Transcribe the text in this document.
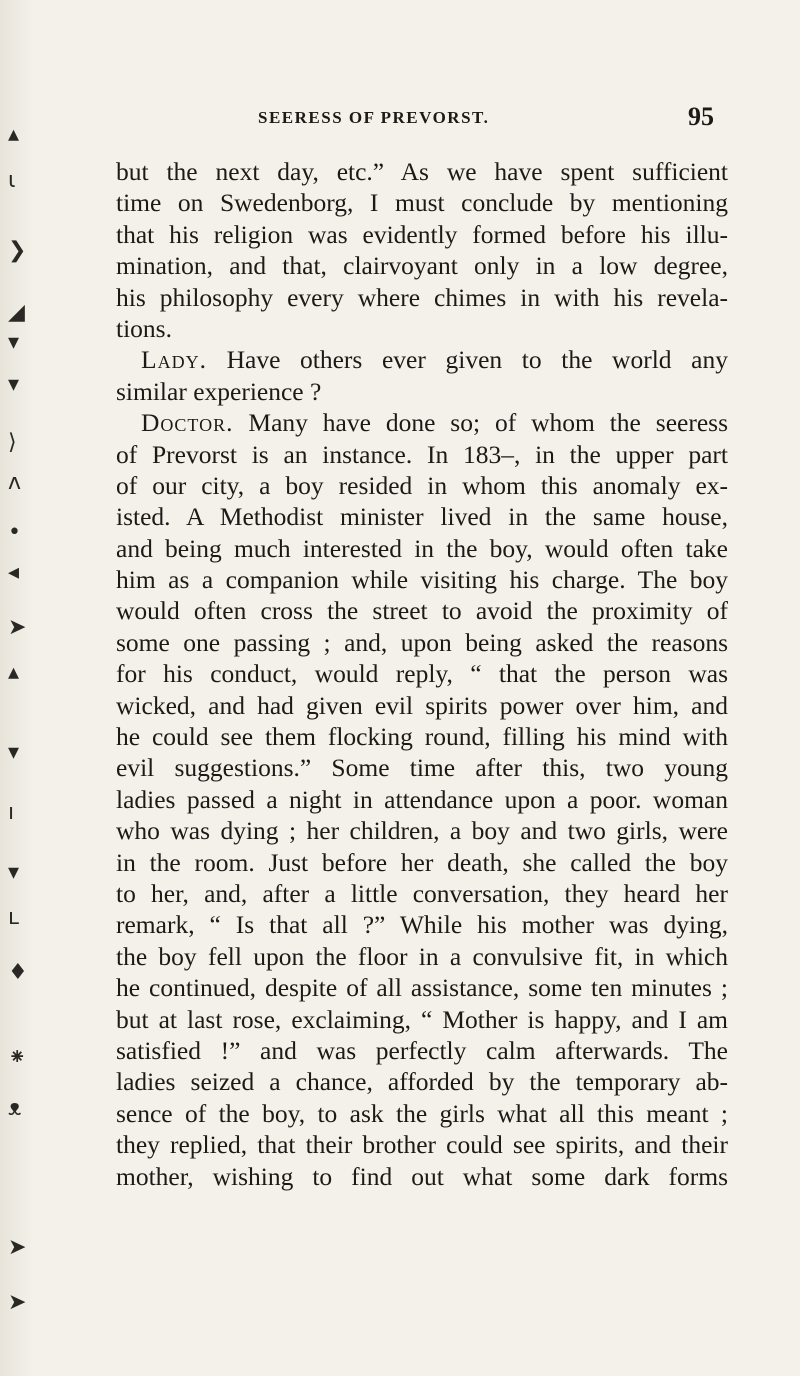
▴
ɩ
❯
◢
▾
▾
⟩
ʌ
•
◂
➤
▴
▾
ı
▾
ʟ
♦
⁕
ᴥ
➤
➤
SEERESS OF PREVORST.	95
but the next day, etc.” As we have spent sufficient
time on Swedenborg, I must conclude by mentioning
that his religion was evidently formed before his illu-
mination, and that, clairvoyant only in a low degree,
his philosophy every where chimes in with his revela-
tions.
Lady. Have others ever given to the world any
similar experience ?
Doctor. Many have done so; of whom the seeress
of Prevorst is an instance. In 183–, in the upper part
of our city, a boy resided in whom this anomaly ex-
isted. A Methodist minister lived in the same house,
and being much interested in the boy, would often take
him as a companion while visiting his charge. The boy
would often cross the street to avoid the proximity of
some one passing ; and, upon being asked the reasons
for his conduct, would reply, “ that the person was
wicked, and had given evil spirits power over him, and
he could see them flocking round, filling his mind with
evil suggestions.” Some time after this, two young
ladies passed a night in attendance upon a poor. woman
who was dying ; her children, a boy and two girls, were
in the room. Just before her death, she called the boy
to her, and, after a little conversation, they heard her
remark, “ Is that all ?” While his mother was dying,
the boy fell upon the floor in a convulsive fit, in which
he continued, despite of all assistance, some ten minutes ;
but at last rose, exclaiming, “ Mother is happy, and I am
satisfied !” and was perfectly calm afterwards. The
ladies seized a chance, afforded by the temporary ab-
sence of the boy, to ask the girls what all this meant ;
they replied, that their brother could see spirits, and their
mother, wishing to find out what some dark forms
